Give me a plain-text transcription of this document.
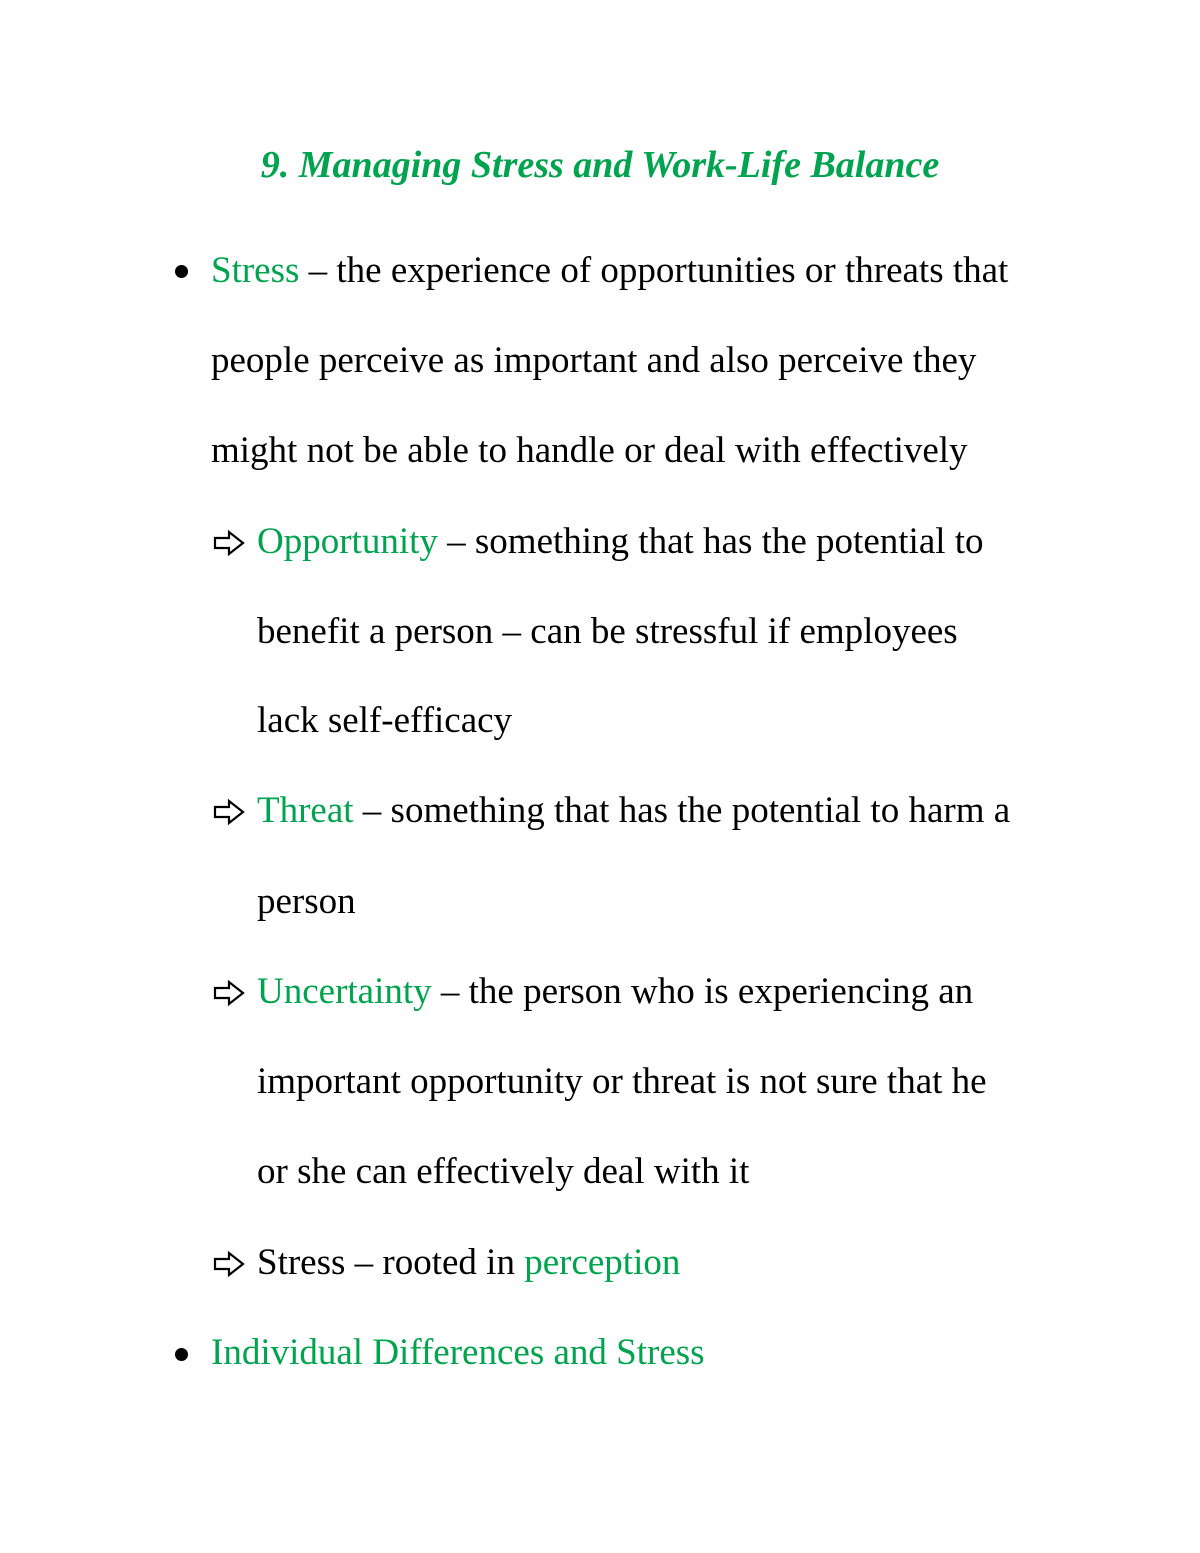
9. Managing Stress and Work-Life Balance

Stress – the experience of opportunities or threats that

people perceive as important and also perceive they

might not be able to handle or deal with effectively

Opportunity – something that has the potential to

benefit a person – can be stressful if employees

lack self-efficacy

Threat – something that has the potential to harm a

person

Uncertainty – the person who is experiencing an

important opportunity or threat is not sure that he

or she can effectively deal with it

Stress – rooted in perception

Individual Differences and Stress
